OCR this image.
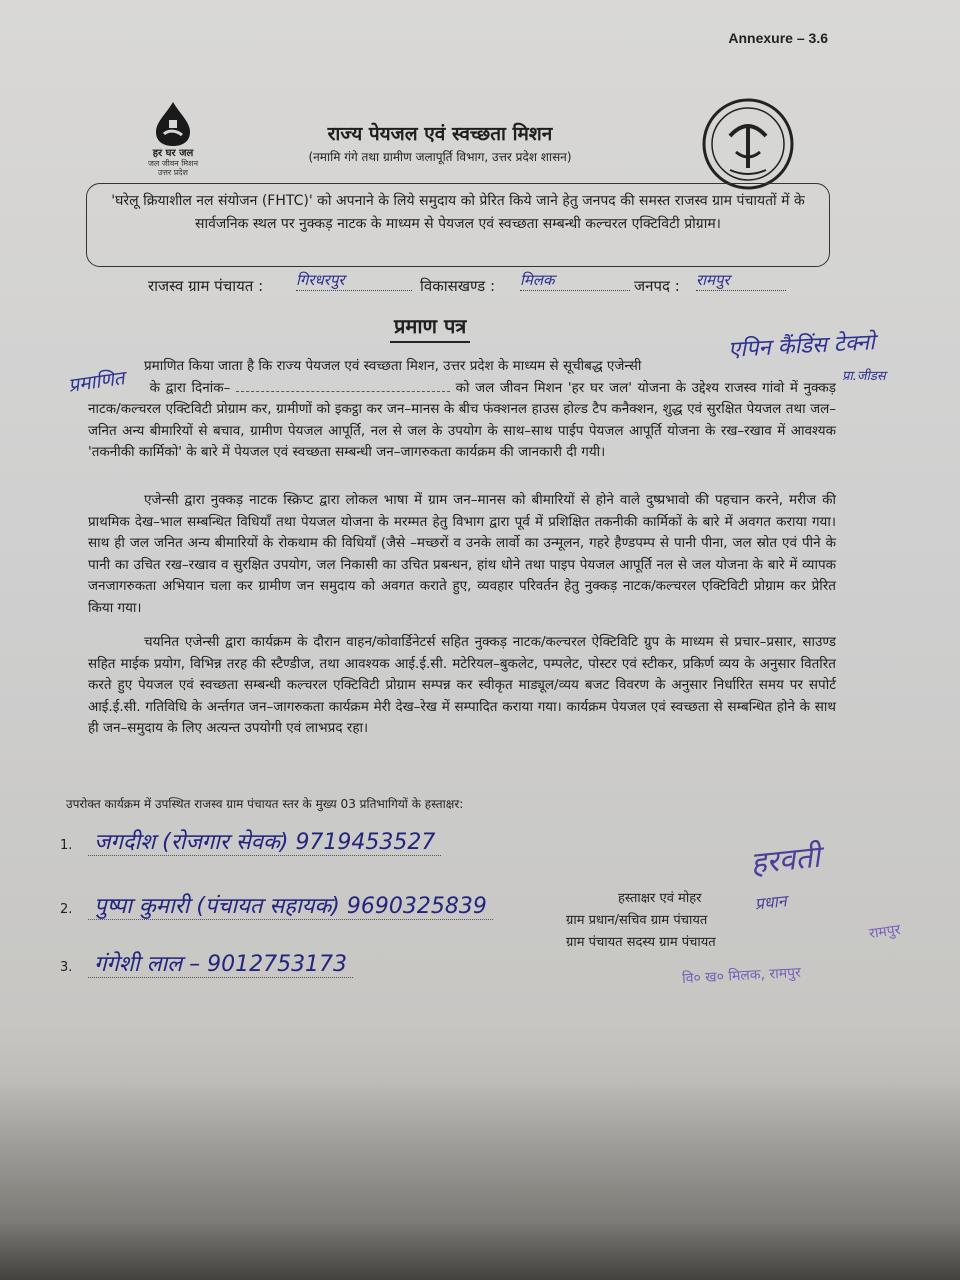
Annexure – 3.6
हर घर जल
जल जीवन मिशन
उत्तर प्रदेश
राज्य पेयजल एवं स्वच्छता मिशन
(नमामि गंगे तथा ग्रामीण जलापूर्ति विभाग, उत्तर प्रदेश शासन)
'घरेलू क्रियाशील नल संयोजन (FHTC)' को अपनाने के लिये समुदाय को प्रेरित किये जाने हेतु जनपद की समस्त राजस्व ग्राम पंचायतों में के सार्वजनिक स्थल पर नुक्कड़ नाटक के माध्यम से पेयजल एवं स्वच्छता सम्बन्धी कल्चरल एक्टिविटी प्रोग्राम।
राजस्व ग्राम पंचायत : गिरधरपुर	विकासखण्ड : मिलक	जनपद : रामपुर
प्रमाण पत्र
एपिन कैंडिंस टेक्नो
प्रा.जीडस
प्रमाणित
प्रमाणित किया जाता है कि राज्य पेयजल एवं स्वच्छता मिशन, उत्तर प्रदेश के माध्यम से सूचीबद्ध एजेन्सी
के द्वारा दिनांक–	को जल जीवन मिशन 'हर घर जल' योजना के उद्देश्य राजस्व गांवो में नुक्कड़ नाटक/कल्चरल एक्टिविटी प्रोग्राम कर, ग्रामीणों को इकट्ठा कर जन–मानस के बीच फंक्शनल हाउस होल्ड टैप कनैक्शन, शुद्ध एवं सुरक्षित पेयजल तथा जल–जनित अन्य बीमारियों से बचाव, ग्रामीण पेयजल आपूर्ति, नल से जल के उपयोग के साथ–साथ पाईप पेयजल आपूर्ति योजना के रख–रखाव में आवश्यक 'तकनीकी कार्मिको' के बारे में पेयजल एवं स्वच्छता सम्बन्धी जन–जागरुकता कार्यक्रम की जानकारी दी गयी।
एजेन्सी द्वारा नुक्कड़ नाटक स्क्रिप्ट द्वारा लोकल भाषा में ग्राम जन–मानस को बीमारियों से होने वाले दुष्प्रभावो की पहचान करने, मरीज की प्राथमिक देख–भाल सम्बन्धित विधियाँ तथा पेयजल योजना के मरम्मत हेतु विभाग द्वारा पूर्व में प्रशिक्षित तकनीकी कार्मिकों के बारे में अवगत कराया गया। साथ ही जल जनित अन्य बीमारियों के रोकथाम की विधियाँ (जैसे –मच्छरों व उनके लार्वो का उन्मूलन, गहरे हैण्डपम्प से पानी पीना, जल स्रोत एवं पीने के पानी का उचित रख–रखाव व सुरक्षित उपयोग, जल निकासी का उचित प्रबन्धन, हांथ धोने तथा पाइप पेयजल आपूर्ति नल से जल योजना के बारे में व्यापक जनजागरुकता अभियान चला कर ग्रामीण जन समुदाय को अवगत कराते हुए, व्यवहार परिवर्तन हेतु नुक्कड़ नाटक/कल्चरल एक्टिविटी प्रोग्राम कर प्रेरित किया गया।
चयनित एजेन्सी द्वारा कार्यक्रम के दौरान वाहन/कोवार्डिनेटर्स सहित नुक्कड़ नाटक/कल्चरल ऐक्टिविटि ग्रुप के माध्यम से प्रचार–प्रसार, साउण्ड सहित माईक प्रयोग, विभिन्न तरह की स्टैण्डीज, तथा आवश्यक आई.ई.सी. मटेरियल–बुकलेट, पम्पलेट, पोस्टर एवं स्टीकर, प्रकिर्ण व्यय के अनुसार वितरित करते हुए पेयजल एवं स्वच्छता सम्बन्धी कल्चरल एक्टिविटी प्रोग्राम सम्पन्न कर स्वीकृत माड्यूल/व्यय बजट विवरण के अनुसार निर्धारित समय पर सपोर्ट आई.ई.सी. गतिविधि के अर्न्तगत जन–जागरुकता कार्यक्रम मेरी देख–रेख में सम्पादित कराया गया। कार्यक्रम पेयजल एवं स्वच्छता से सम्बन्धित होने के साथ ही जन–समुदाय के लिए अत्यन्त उपयोगी एवं लाभप्रद रहा।
उपरोक्त कार्यक्रम में उपस्थित राजस्व ग्राम पंचायत स्तर के मुख्य 03 प्रतिभागियों के हस्ताक्षर:
1. जगदीश (रोजगार सेवक) 9719453527
2. पुष्पा कुमारी (पंचायत सहायक) 9690325839
3. गंगेशी लाल – 9012753173
हरवती
प्रधान
हस्ताक्षर एवं मोहर
ग्राम प्रधान/सचिव ग्राम पंचायत
ग्राम पंचायत सदस्य ग्राम पंचायत
रामपुर
वि० ख० मिलक, रामपुर
